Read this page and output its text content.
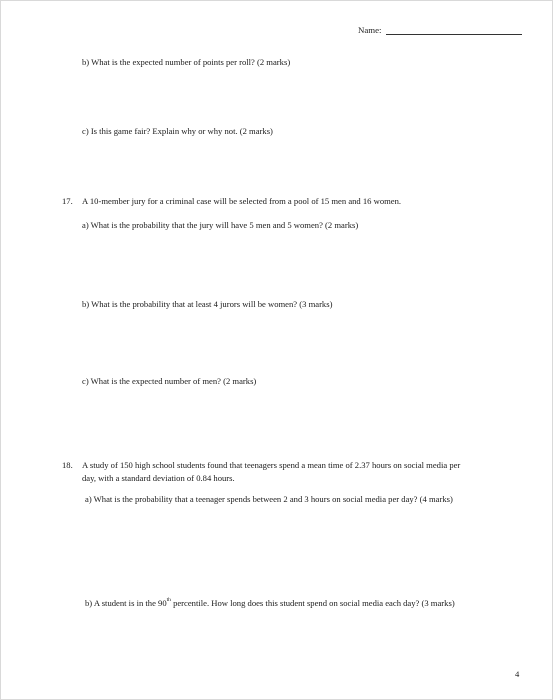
Name:
b) What is the expected number of points per roll? (2 marks)
c) Is this game fair? Explain why or why not. (2 marks)
17. A 10-member jury for a criminal case will be selected from a pool of 15 men and 16 women.
a) What is the probability that the jury will have 5 men and 5 women? (2 marks)
b) What is the probability that at least 4 jurors will be women? (3 marks)
c) What is the expected number of men? (2 marks)
18. A study of 150 high school students found that teenagers spend a mean time of 2.37 hours on social media per
day, with a standard deviation of 0.84 hours.
a) What is the probability that a teenager spends between 2 and 3 hours on social media per day? (4 marks)
b) A student is in the 90th percentile. How long does this student spend on social media each day? (3 marks)
4
